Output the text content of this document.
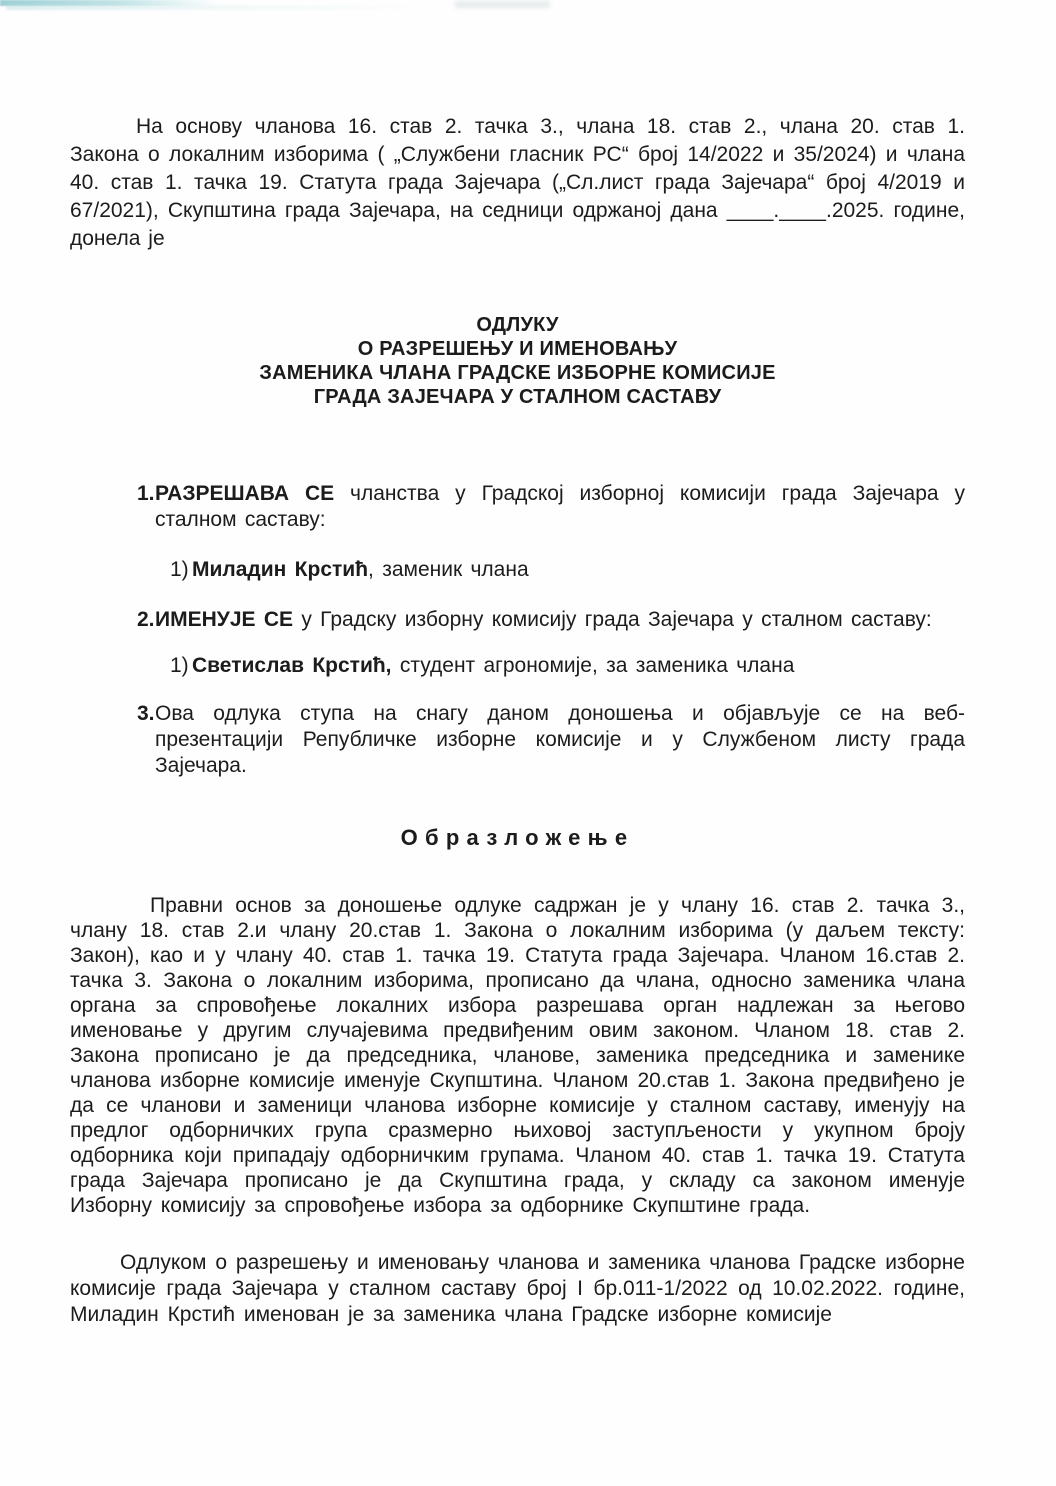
На основу чланова 16. став 2. тачка 3., члана 18. став 2., члана 20. став 1. Закона о локалним изборима ( „Службени гласник РС“ број 14/2022 и 35/2024) и члана 40. став 1. тачка 19. Статута града Зајечара („Сл.лист града Зајечара“ број 4/2019 и 67/2021), Скупштина града Зајечара, на седници одржаној дана ____.____.2025. године, донела је

ОДЛУКУ
О РАЗРЕШЕЊУ И ИМЕНОВАЊУ
ЗАМЕНИКА ЧЛАНА ГРАДСКЕ ИЗБОРНЕ КОМИСИЈЕ
ГРАДА ЗАЈЕЧАРА У СТАЛНОМ САСТАВУ
1. РАЗРЕШАВА СЕ чланства у Градској изборној комисији града Зајечара у сталном саставу:

1) Миладин Крстић, заменик члана

2. ИМЕНУЈЕ СЕ у Градску изборну комисију града Зајечара у сталном саставу:

1) Светислав Крстић, студент агрономије, за заменика члана

3. Ова одлука ступа на снагу даном доношења и објављује се на веб-презентацији Републичке изборне комисије и у Службеном листу града Зајечара.

Образложење

Правни основ за доношење одлуке садржан је у члану 16. став 2. тачка 3., члану 18. став 2.и члану 20.став 1. Закона о локалним изборима (у даљем тексту: Закон), као и у члану 40. став 1. тачка 19. Статута града Зајечара. Чланом 16.став 2. тачка 3. Закона о локалним изборима, прописано да члана, односно заменика члана органа за спровођење локалних избора разрешава орган надлежан за његово именовање у другим случајевима предвиђеним овим законом. Чланом 18. став 2. Закона прописано је да председника, чланове, заменика председника и заменике чланова изборне комисије именује Скупштина. Чланом 20.став 1. Закона предвиђено је да се чланови и заменици чланова изборне комисије у сталном саставу, именују на предлог одборничких група сразмерно њиховој заступљености у укупном броју одборника који припадају одборничким групама. Чланом 40. став 1. тачка 19. Статута града Зајечара прописано је да Скупштина града, у складу са законом именује Изборну комисију за спровођење избора за одборнике Скупштине града.

Одлуком о разрешењу и именовању чланова и заменика чланова Градске изборне комисије града Зајечара у сталном саставу број I бр.011-1/2022 од 10.02.2022. године, Миладин Крстић именован је за заменика члана Градске изборне комисије
